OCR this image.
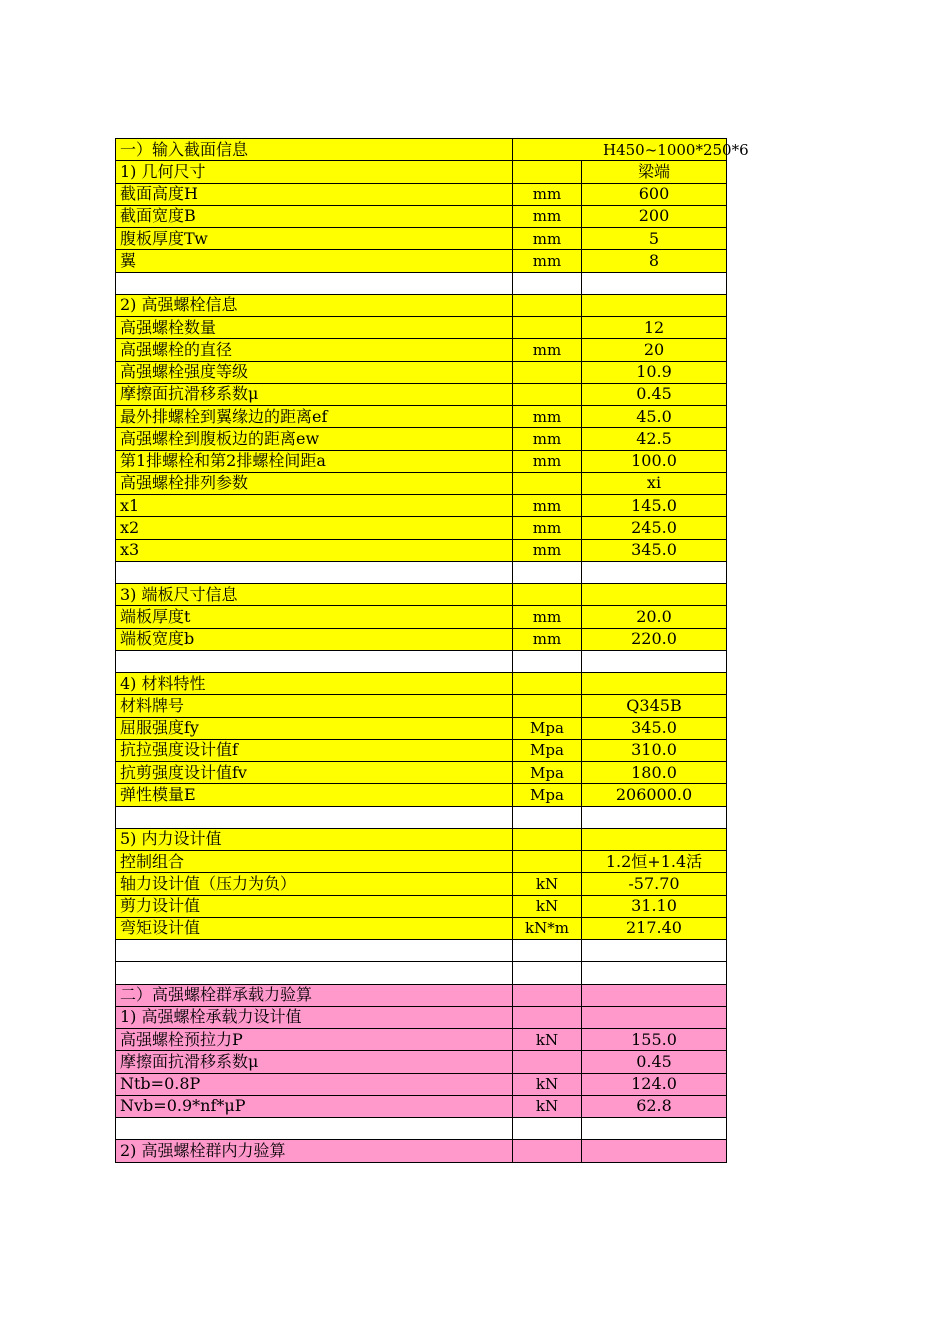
一）输入截面信息	H450~1000*250*6	

1) 几何尺寸		梁端
截面高度H	mm	600
截面宽度B	mm	200
腹板厚度Tw	mm	5
翼	mm	8

2) 高强螺栓信息		
高强螺栓数量		12
高强螺栓的直径	mm	20
高强螺栓强度等级		10.9
摩擦面抗滑移系数μ		0.45
最外排螺栓到翼缘边的距离ef	mm	45.0
高强螺栓到腹板边的距离ew	mm	42.5
第1排螺栓和第2排螺栓间距a	mm	100.0
高强螺栓排列参数		xi
x1	mm	145.0
x2	mm	245.0
x3	mm	345.0

3) 端板尺寸信息		
端板厚度t	mm	20.0
端板宽度b	mm	220.0

4) 材料特性		
材料牌号		Q345B
屈服强度fy	Mpa	345.0
抗拉强度设计值f	Mpa	310.0
抗剪强度设计值fv	Mpa	180.0
弹性模量E	Mpa	206000.0

5) 内力设计值		
控制组合		1.2恒+1.4活
轴力设计值（压力为负）	kN	-57.70
剪力设计值	kN	31.10
弯矩设计值	kN*m	217.40

二）高强螺栓群承载力验算		
1) 高强螺栓承载力设计值		
高强螺栓预拉力P	kN	155.0
摩擦面抗滑移系数μ		0.45
Ntb=0.8P	kN	124.0
Nvb=0.9*nf*μP	kN	62.8

2) 高强螺栓群内力验算		
